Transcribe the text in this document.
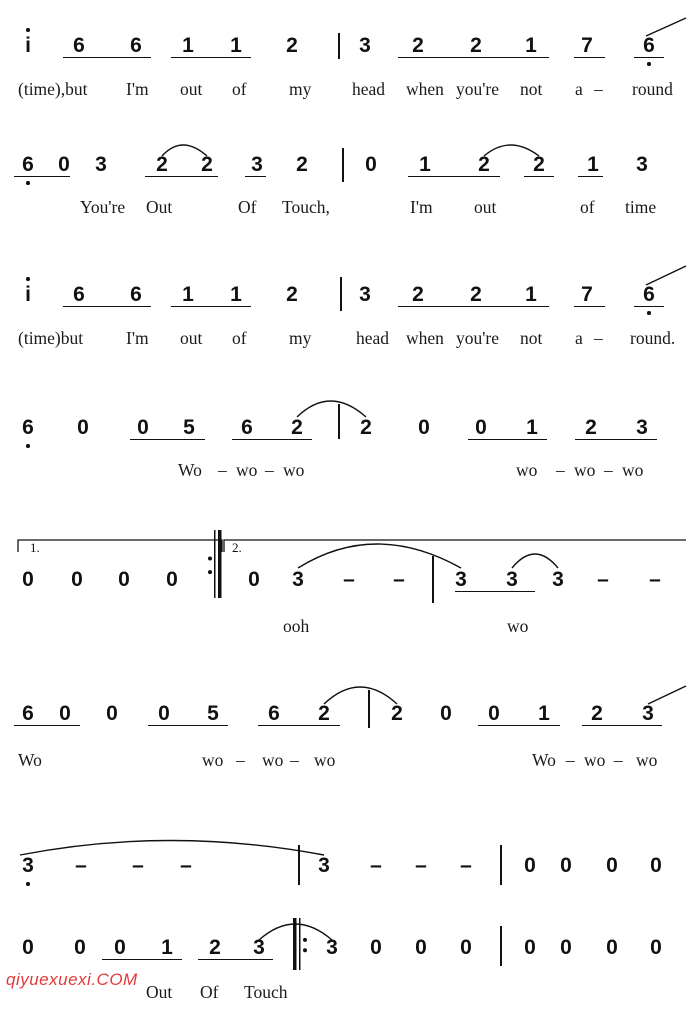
i	6 6 1 1 2	3 2 2 1 7 6
(time),but I'm out of my head when you're not a – round
6 0 3 2 2 3 2	0 1 2 2 1 3
You're Out	Of Touch,	I'm out	of time
i	6 6 1 1 2	3 2 2 1 7 6
(time)but I'm out of my	head when you're not a – round.
6 0 0 5 6 2	2 0 0 1 2 3
Wo – wo – wo	wo – wo – wo
0 0 0 0	0 3 – – 3 3 3 – –
ooh	wo
1.	2.
6 0 0 0 5 6 2	2 0 0 1 2 3
Wo	wo – wo – wo	Wo – wo – wo
3 – – –	3 – – – 0 0 0 0
0 0 0 1 2 3	3 0 0 0 0 0 0 0
Out Of Touch
qiyuexuexi.COM
